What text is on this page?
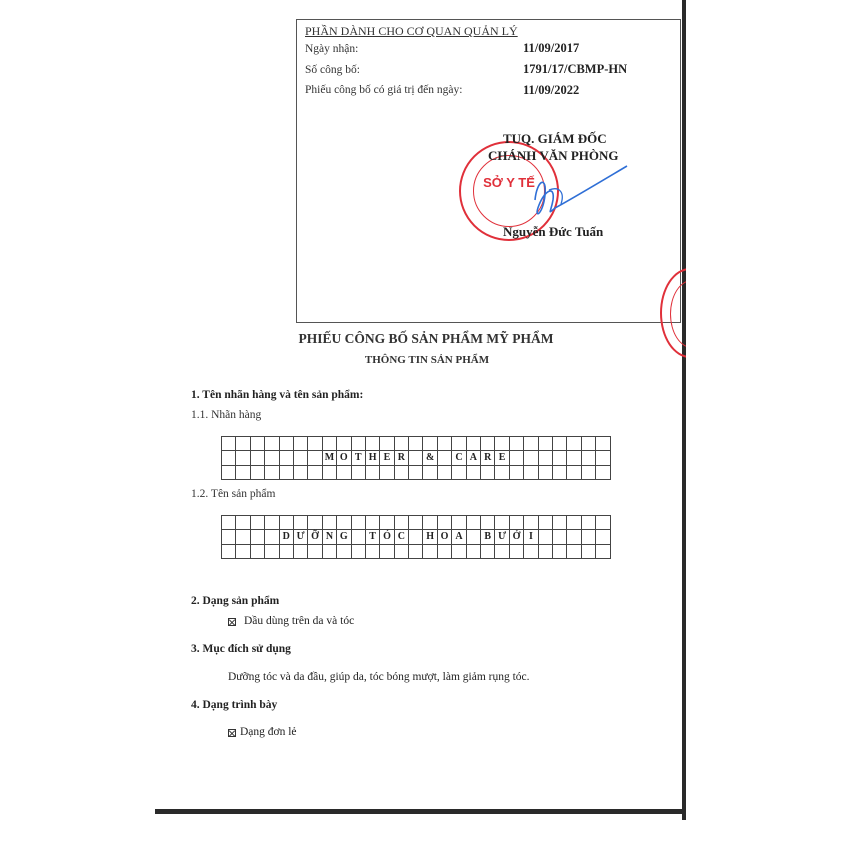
PHẦN DÀNH CHO CƠ QUAN QUẢN LÝ
Ngày nhận:	11/09/2017
Số công bố:	1791/17/CBMP-HN
Phiếu công bố có giá trị đến ngày:	11/09/2022
SỞ Y TẾ
TUQ. GIÁM ĐỐC
CHÁNH VĂN PHÒNG
Nguyễn Đức Tuấn
PHIẾU CÔNG BỐ SẢN PHẨM MỸ PHẨM
THÔNG TIN SẢN PHẨM
1. Tên nhãn hàng và tên sản phẩm:
1.1. Nhãn hàng
M O T H E R	&	C A R E
1.2. Tên sản phẩm
D Ư Ỡ N G	T Ó C	H O A	B Ư Ở I
2. Dạng sản phẩm
Dầu dùng trên da và tóc
3. Mục đích sử dụng
Dưỡng tóc và da đầu, giúp da, tóc bóng mượt, làm giảm rụng tóc.
4. Dạng trình bày
Dạng đơn lẻ
